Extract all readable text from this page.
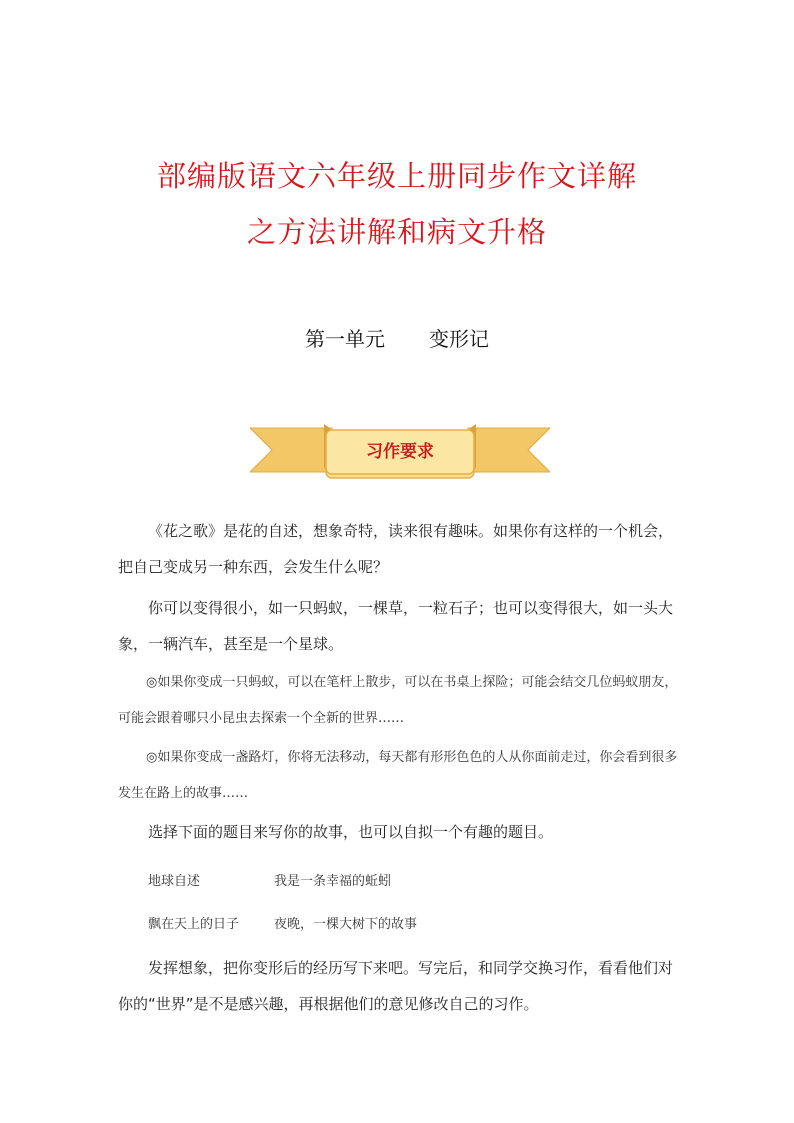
部编版语文六年级上册同步作文详解
之方法讲解和病文升格
第一单元 变形记
习作要求

《花之歌》是花的自述，想象奇特，读来很有趣味。如果你有这样的一个机会，把自己变成另一种东西，会发生什么呢？

你可以变得很小，如一只蚂蚁，一棵草，一粒石子；也可以变得很大，如一头大象，一辆汽车，甚至是一个星球。

◎如果你变成一只蚂蚁，可以在笔杆上散步，可以在书桌上探险；可能会结交几位蚂蚁朋友，可能会跟着哪只小昆虫去探索一个全新的世界……

◎如果你变成一盏路灯，你将无法移动，每天都有形形色色的人从你面前走过，你会看到很多发生在路上的故事……

选择下面的题目来写你的故事，也可以自拟一个有趣的题目。

地球自述	我是一条幸福的蚯蚓
飘在天上的日子	夜晚，一棵大树下的故事

发挥想象，把你变形后的经历写下来吧。写完后，和同学交换习作，看看他们对你的“世界”是不是感兴趣，再根据他们的意见修改自己的习作。
